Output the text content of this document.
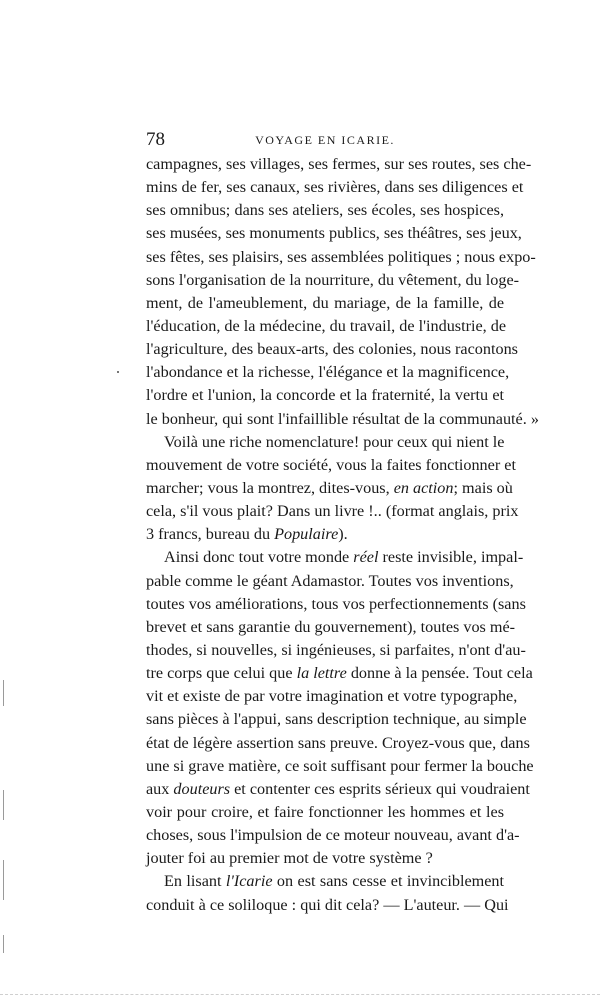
78	VOYAGE EN ICARIE.
campagnes, ses villages, ses fermes, sur ses routes, ses che-
mins de fer, ses canaux, ses rivières, dans ses diligences et
ses omnibus; dans ses ateliers, ses écoles, ses hospices,
ses musées, ses monuments publics, ses théâtres, ses jeux,
ses fêtes, ses plaisirs, ses assemblées politiques ; nous expo-
sons l'organisation de la nourriture, du vêtement, du loge-
ment, de l'ameublement, du mariage, de la famille, de
l'éducation, de la médecine, du travail, de l'industrie, de
l'agriculture, des beaux-arts, des colonies, nous racontons
l'abondance et la richesse, l'élégance et la magnificence,
l'ordre et l'union, la concorde et la fraternité, la vertu et
le bonheur, qui sont l'infaillible résultat de la communauté. »
Voilà une riche nomenclature! pour ceux qui nient le
mouvement de votre société, vous la faites fonctionner et
marcher; vous la montrez, dites-vous, en action; mais où
cela, s'il vous plait? Dans un livre !.. (format anglais, prix
3 francs, bureau du Populaire).
Ainsi donc tout votre monde réel reste invisible, impal-
pable comme le géant Adamastor. Toutes vos inventions,
toutes vos améliorations, tous vos perfectionnements (sans
brevet et sans garantie du gouvernement), toutes vos mé-
thodes, si nouvelles, si ingénieuses, si parfaites, n'ont d'au-
tre corps que celui que la lettre donne à la pensée. Tout cela
vit et existe de par votre imagination et votre typographe,
sans pièces à l'appui, sans description technique, au simple
état de légère assertion sans preuve. Croyez-vous que, dans
une si grave matière, ce soit suffisant pour fermer la bouche
aux douteurs et contenter ces esprits sérieux qui voudraient
voir pour croire, et faire fonctionner les hommes et les
choses, sous l'impulsion de ce moteur nouveau, avant d'a-
jouter foi au premier mot de votre système ?
En lisant l'Icarie on est sans cesse et invinciblement
conduit à ce soliloque : qui dit cela? — L'auteur. — Qui
